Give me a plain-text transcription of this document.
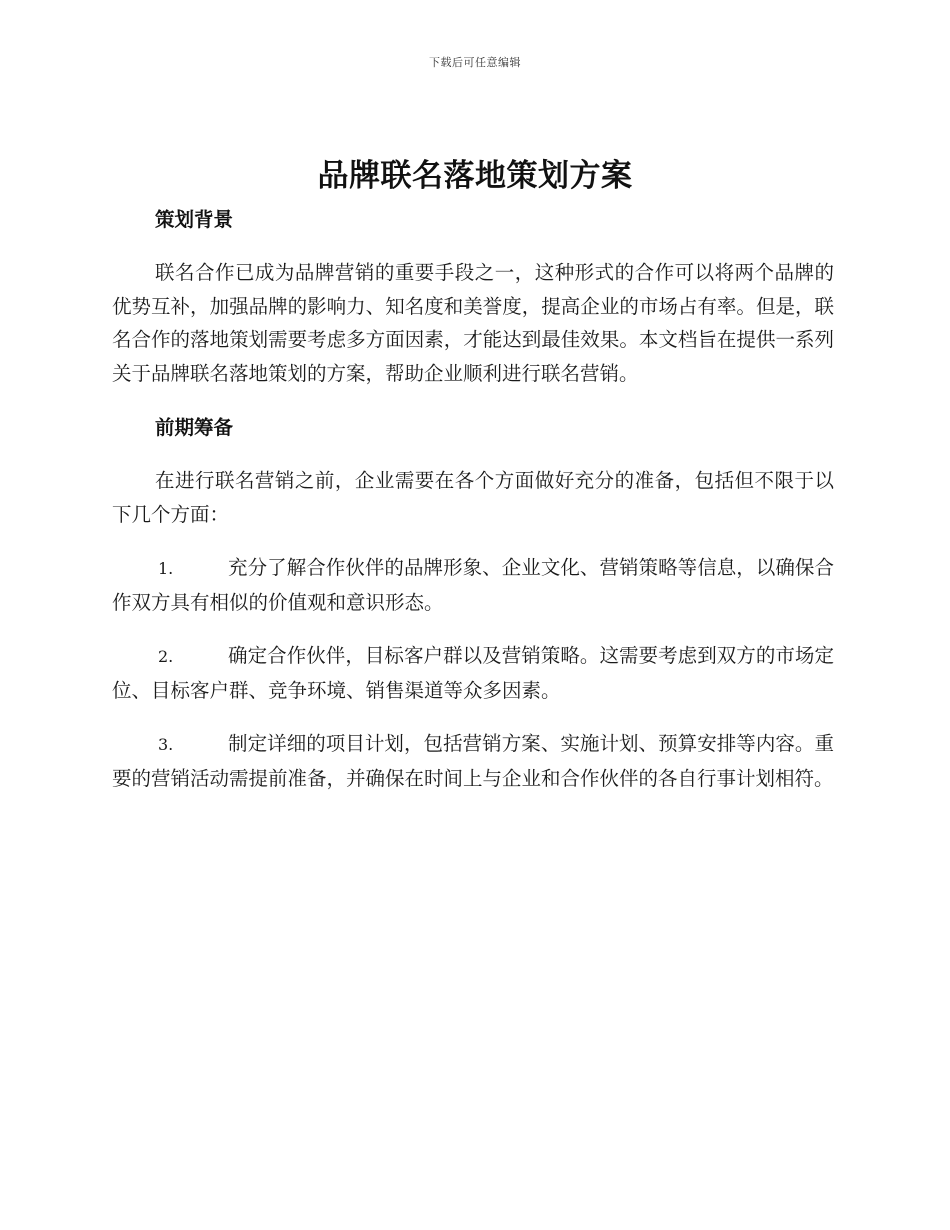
下载后可任意编辑
品牌联名落地策划方案
策划背景

联名合作已成为品牌营销的重要手段之一，这种形式的合作可以将两个品牌的优势互补，加强品牌的影响力、知名度和美誉度，提高企业的市场占有率。但是，联名合作的落地策划需要考虑多方面因素，才能达到最佳效果。本文档旨在提供一系列关于品牌联名落地策划的方案，帮助企业顺利进行联名营销。

前期筹备

在进行联名营销之前，企业需要在各个方面做好充分的准备，包括但不限于以下几个方面：

1.	充分了解合作伙伴的品牌形象、企业文化、营销策略等信息，以确保合作双方具有相似的价值观和意识形态。

2.	确定合作伙伴，目标客户群以及营销策略。这需要考虑到双方的市场定位、目标客户群、竞争环境、销售渠道等众多因素。

3.	制定详细的项目计划，包括营销方案、实施计划、预算安排等内容。重要的营销活动需提前准备，并确保在时间上与企业和合作伙伴的各自行事计划相符。
